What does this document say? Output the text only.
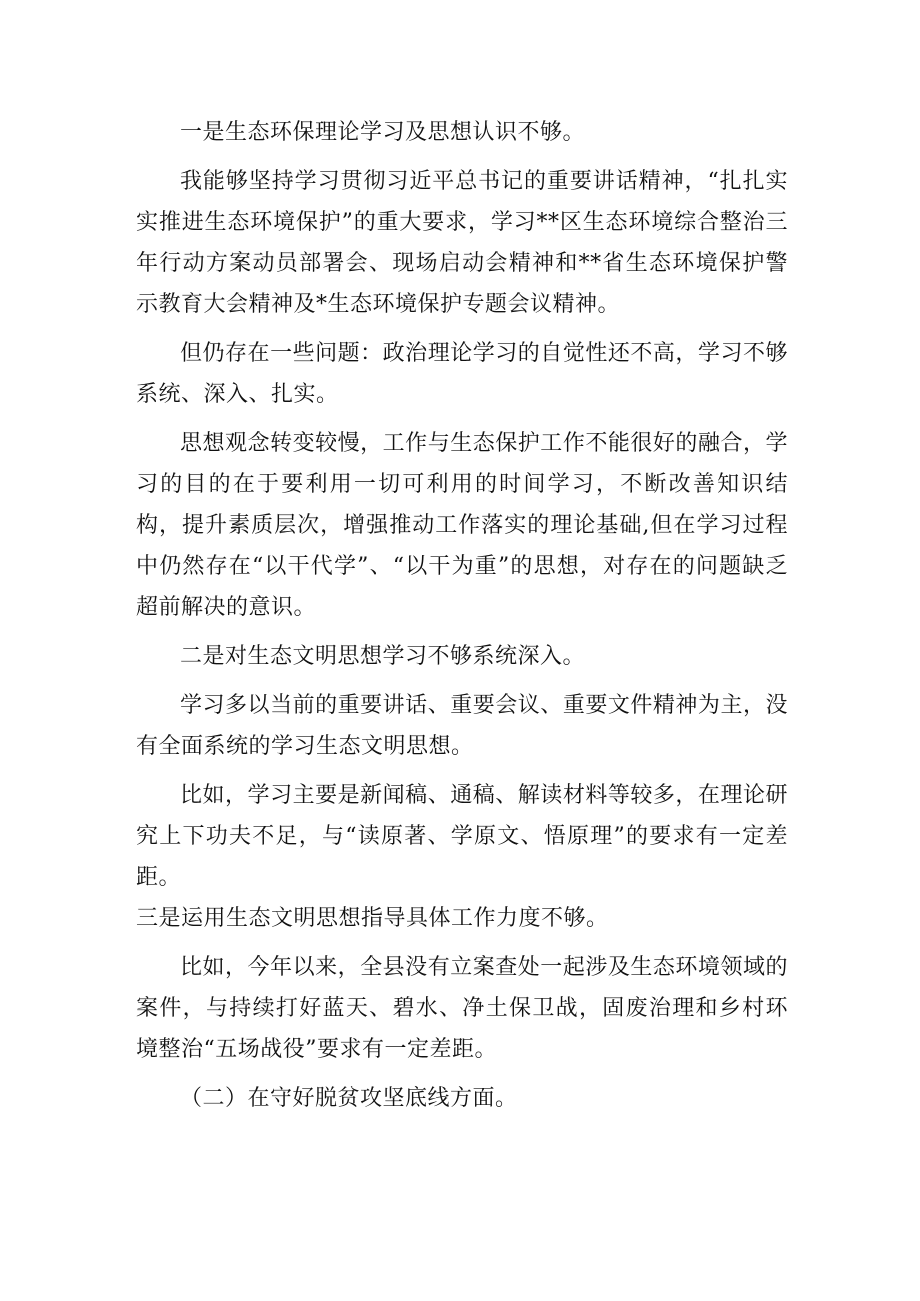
一是生态环保理论学习及思想认识不够。

我能够坚持学习贯彻习近平总书记的重要讲话精神，“扎扎实实推进生态环境保护”的重大要求，学习**区生态环境综合整治三年行动方案动员部署会、现场启动会精神和**省生态环境保护警示教育大会精神及*生态环境保护专题会议精神。

但仍存在一些问题：政治理论学习的自觉性还不高，学习不够系统、深入、扎实。

思想观念转变较慢，工作与生态保护工作不能很好的融合，学习的目的在于要利用一切可利用的时间学习，不断改善知识结构，提升素质层次，增强推动工作落实的理论基础,但在学习过程中仍然存在“以干代学”、“以干为重”的思想，对存在的问题缺乏超前解决的意识。

二是对生态文明思想学习不够系统深入。

学习多以当前的重要讲话、重要会议、重要文件精神为主，没有全面系统的学习生态文明思想。

比如，学习主要是新闻稿、通稿、解读材料等较多，在理论研究上下功夫不足，与“读原著、学原文、悟原理”的要求有一定差距。

三是运用生态文明思想指导具体工作力度不够。

比如，今年以来，全县没有立案查处一起涉及生态环境领域的案件，与持续打好蓝天、碧水、净土保卫战，固废治理和乡村环境整治“五场战役”要求有一定差距。

（二）在守好脱贫攻坚底线方面。
